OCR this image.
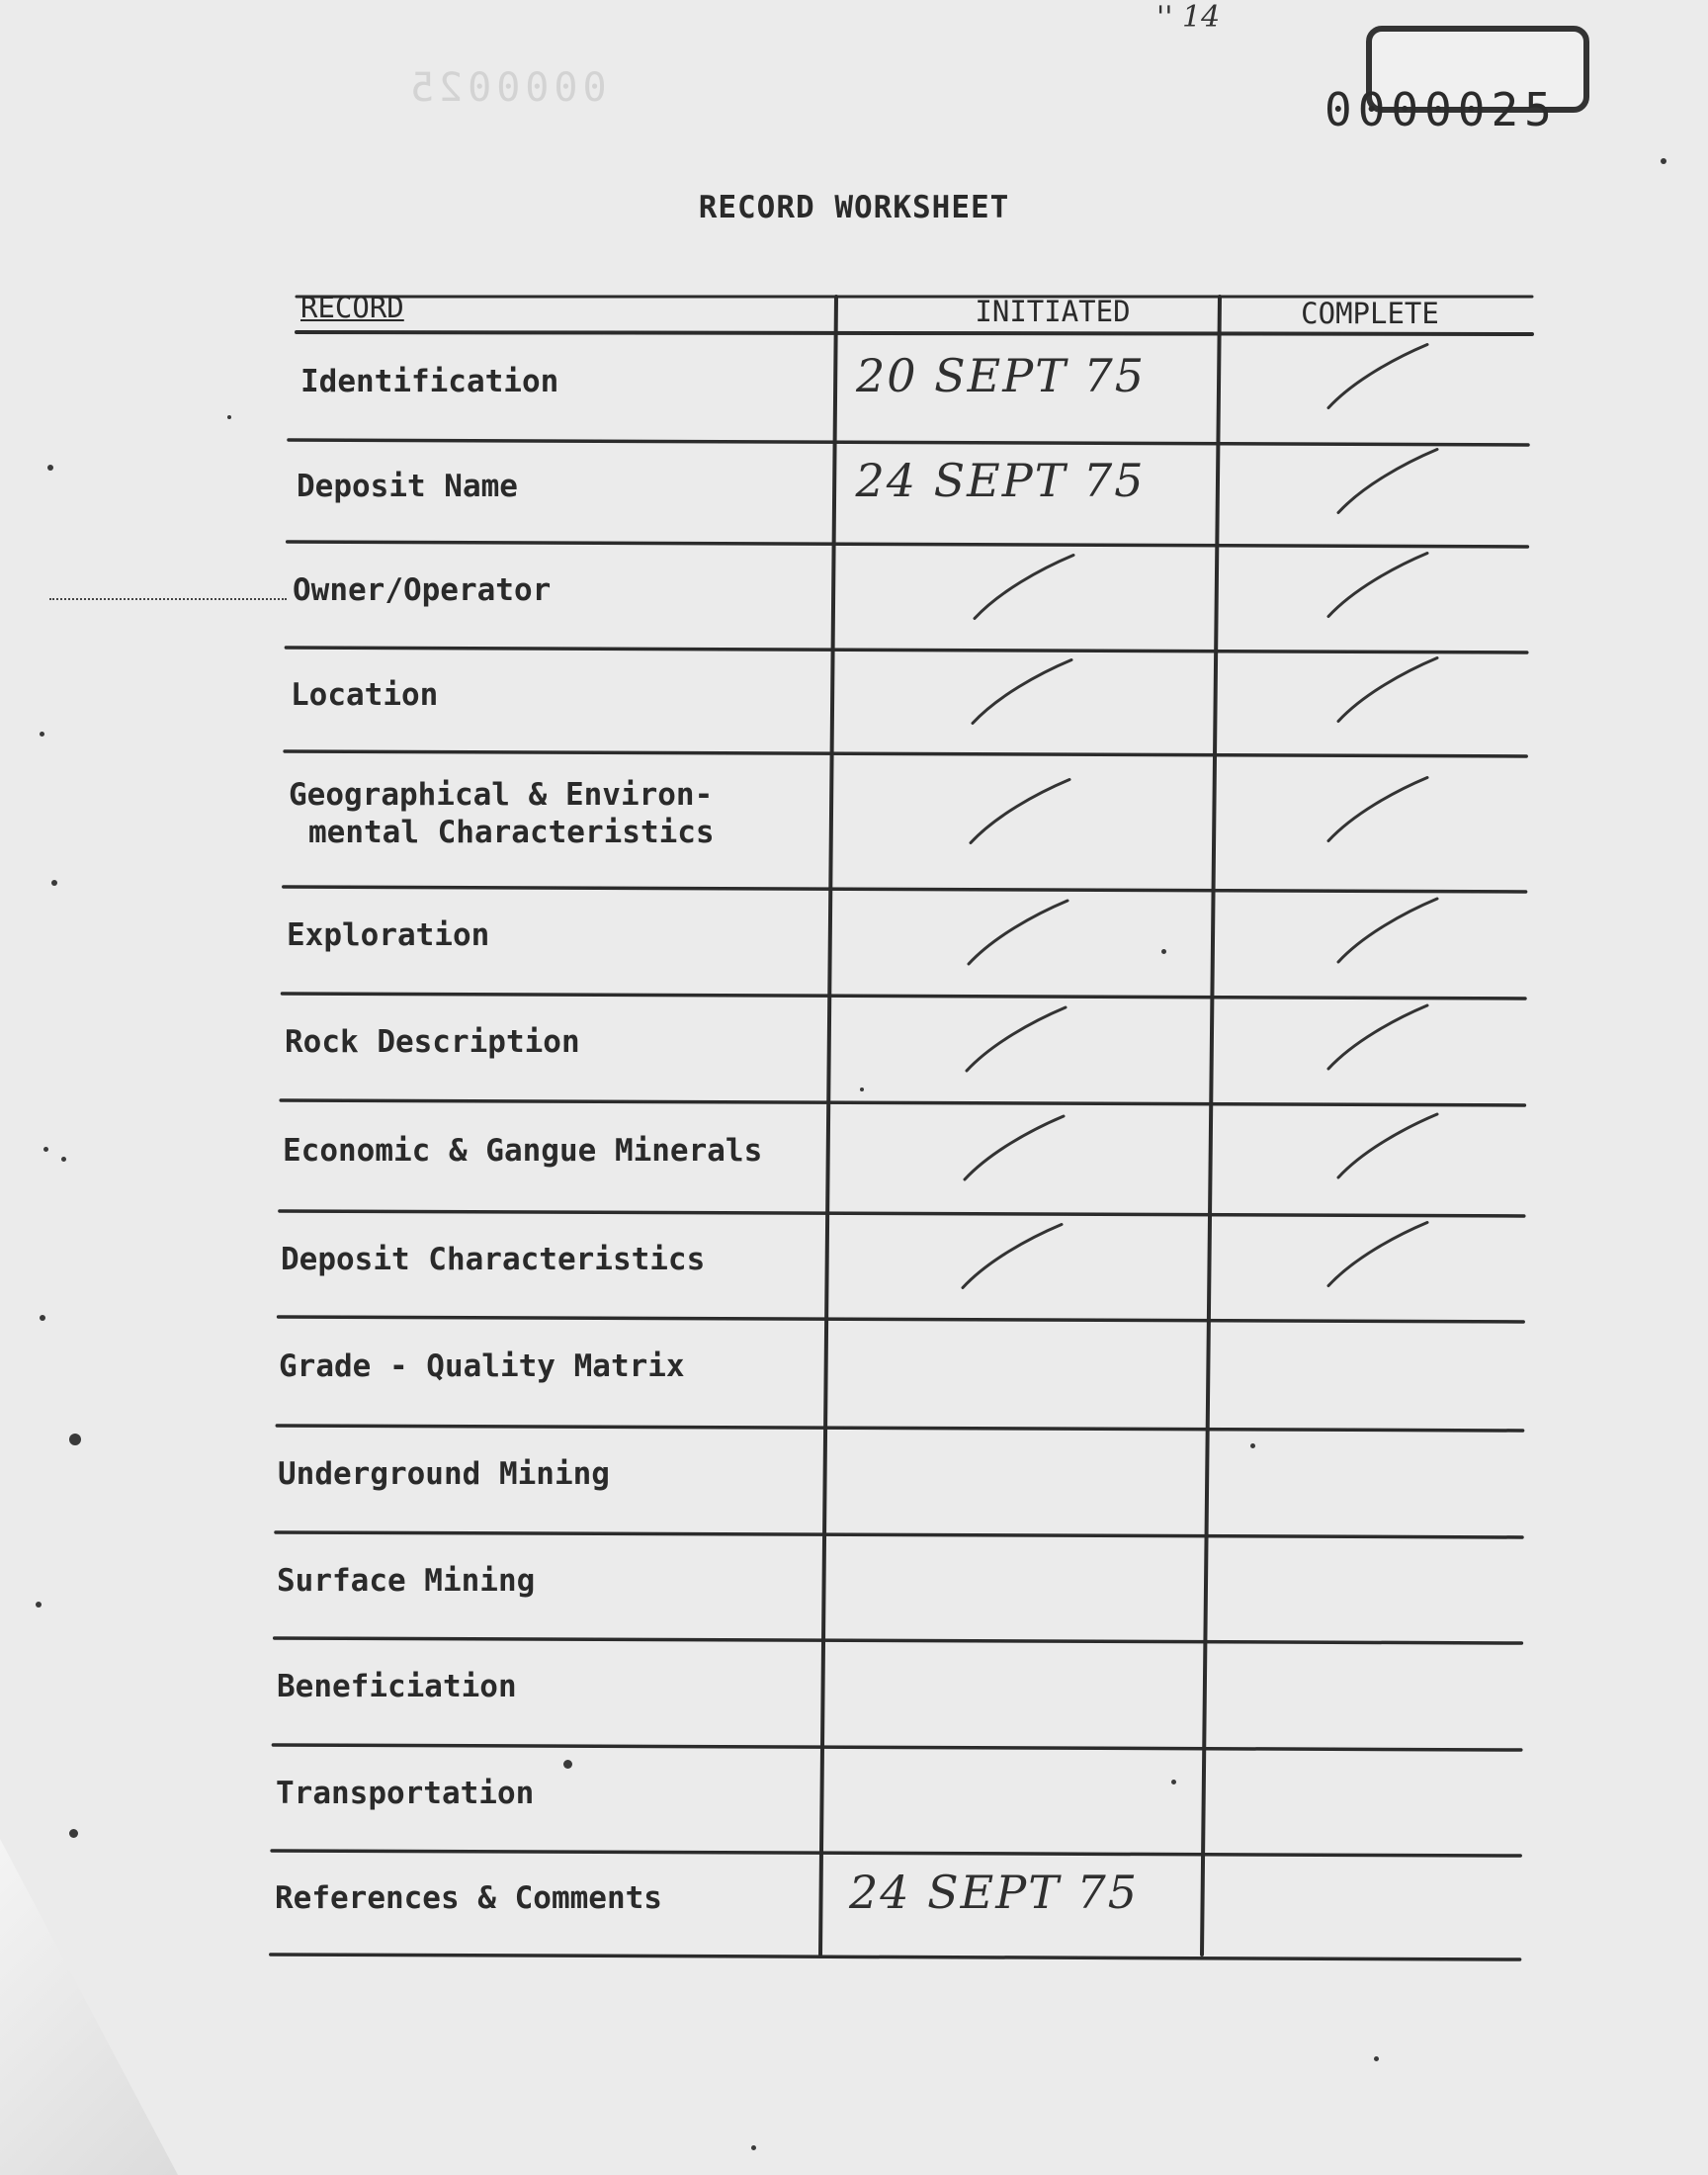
'' 14
0000025
0000025
RECORD WORKSHEET
RECORD	INITIATED	COMPLETE
Identification	20 SEPT 75
Deposit Name	24 SEPT 75
Owner/Operator
Location
Geographical & Environ-
mental Characteristics
Exploration
Rock Description
Economic & Gangue Minerals
Deposit Characteristics
Grade - Quality Matrix
Underground Mining
Surface Mining
Beneficiation
Transportation
References & Comments	24 SEPT 75
